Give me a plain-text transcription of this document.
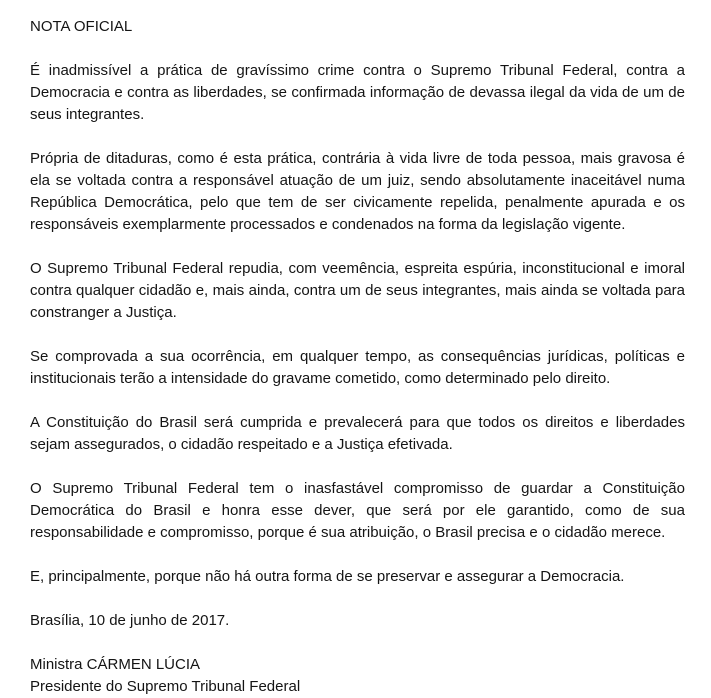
NOTA OFICIAL

É inadmissível a prática de gravíssimo crime contra o Supremo Tribunal Federal, contra a Democracia e contra as liberdades, se confirmada informação de devassa ilegal da vida de um de seus integrantes.

Própria de ditaduras, como é esta prática, contrária à vida livre de toda pessoa, mais gravosa é ela se voltada contra a responsável atuação de um juiz, sendo absolutamente inaceitável numa República Democrática, pelo que tem de ser civicamente repelida, penalmente apurada e os responsáveis exemplarmente processados e condenados na forma da legislação vigente.

O Supremo Tribunal Federal repudia, com veemência, espreita espúria, inconstitucional e imoral contra qualquer cidadão e, mais ainda, contra um de seus integrantes, mais ainda se voltada para constranger a Justiça.

Se comprovada a sua ocorrência, em qualquer tempo, as consequências jurídicas, políticas e institucionais terão a intensidade do gravame cometido, como determinado pelo direito.

A Constituição do Brasil será cumprida e prevalecerá para que todos os direitos e liberdades sejam assegurados, o cidadão respeitado e a Justiça efetivada.

O Supremo Tribunal Federal tem o inasfastável compromisso de guardar a Constituição Democrática do Brasil e honra esse dever, que será por ele garantido, como de sua responsabilidade e compromisso, porque é sua atribuição, o Brasil precisa e o cidadão merece.

E, principalmente, porque não há outra forma de se preservar e assegurar a Democracia.

Brasília, 10 de junho de 2017.

Ministra CÁRMEN LÚCIA

Presidente do Supremo Tribunal Federal
